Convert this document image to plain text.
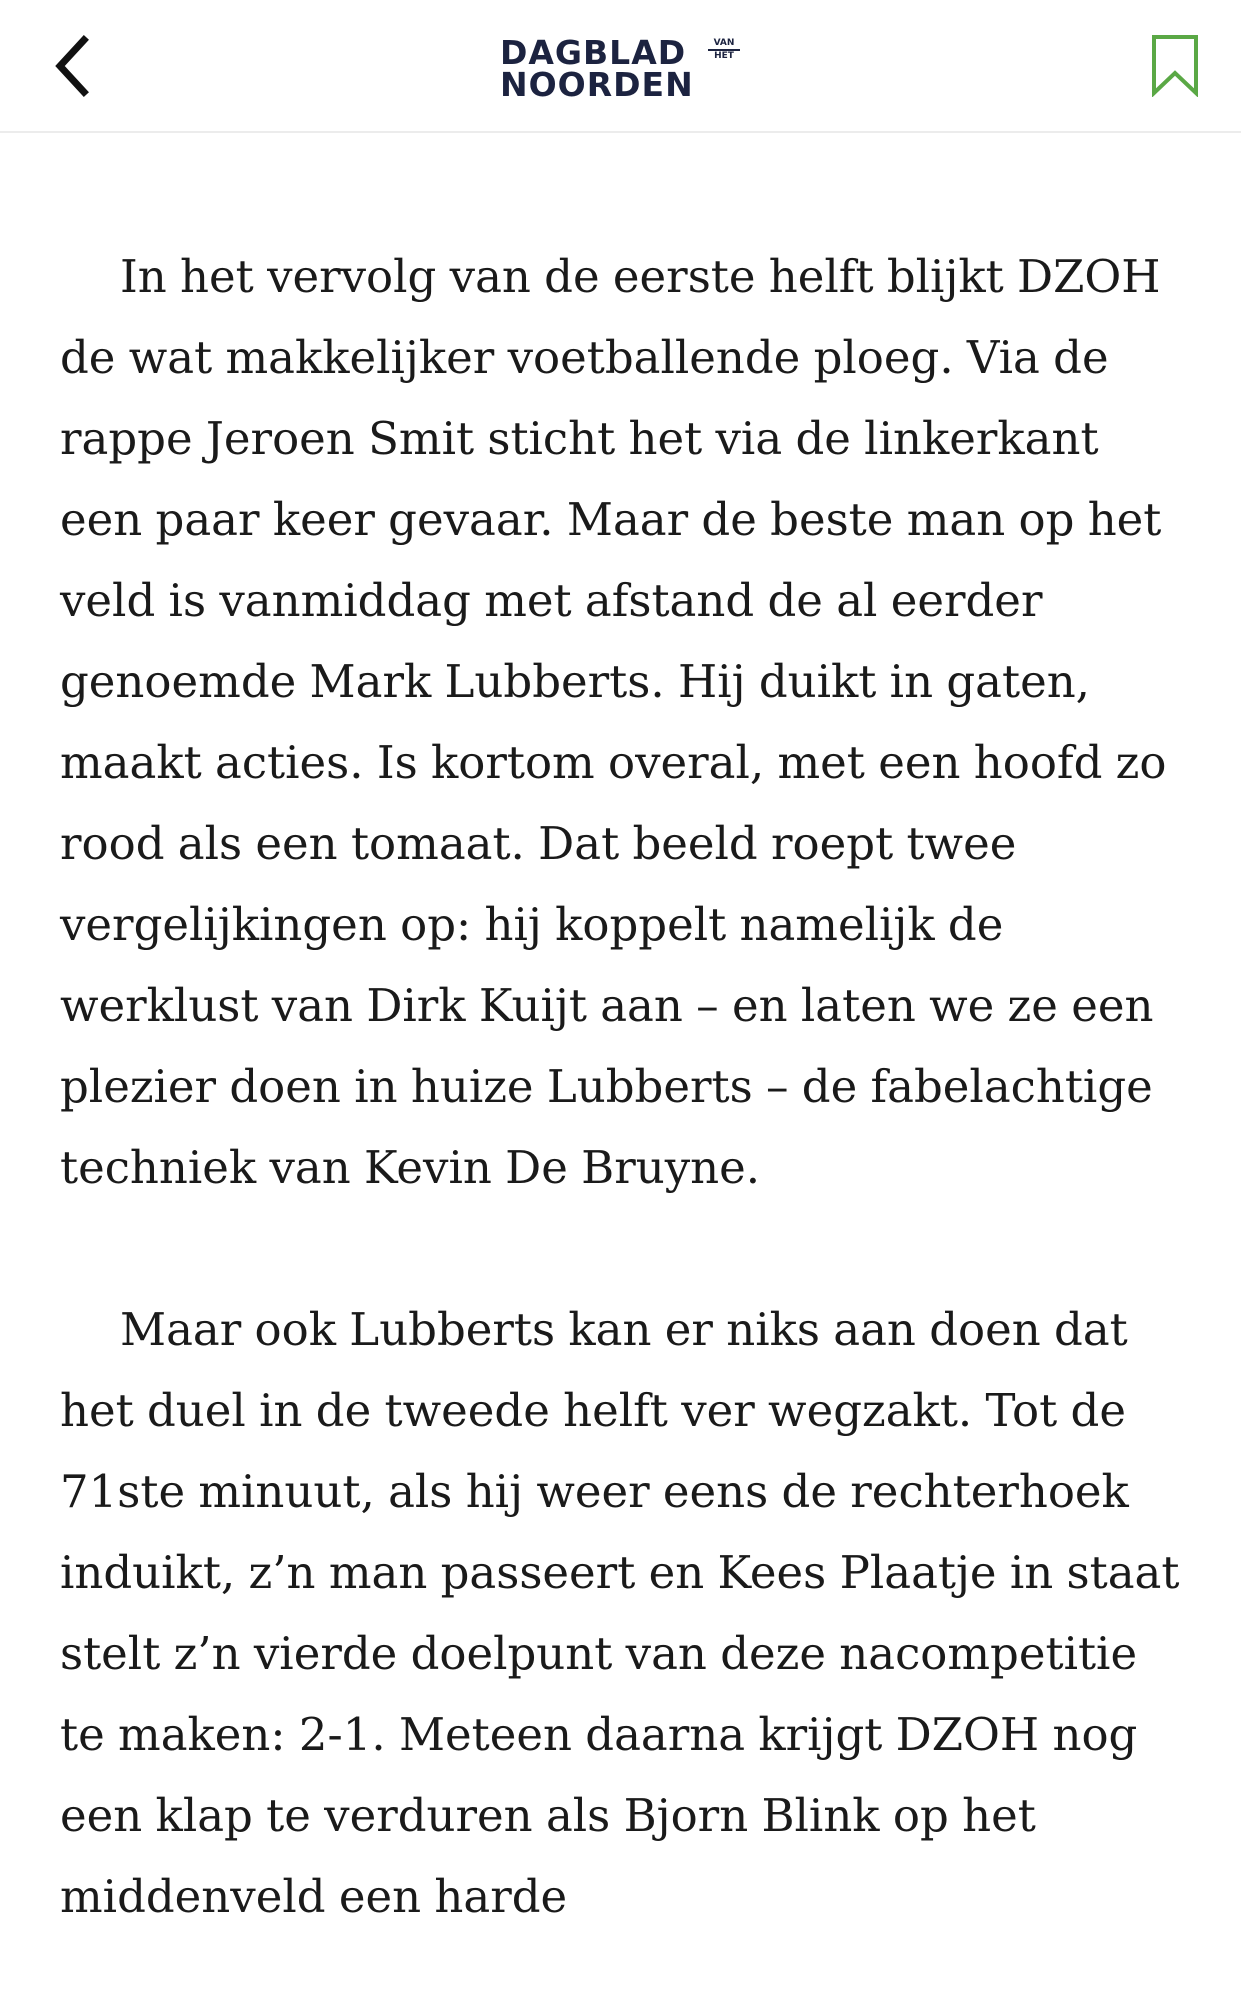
DAGBLAD	VAN
HET
NOORDEN

In het vervolg van de eerste helft blijkt DZOH de wat makkelijker voetballende ploeg. Via de rappe Jeroen Smit sticht het via de linkerkant een paar keer gevaar. Maar de beste man op het veld is vanmiddag met afstand de al eerder genoemde Mark Lubberts. Hij duikt in gaten, maakt acties. Is kortom overal, met een hoofd zo rood als een tomaat. Dat beeld roept twee vergelijkingen op: hij koppelt namelijk de werklust van Dirk Kuijt aan – en laten we ze een plezier doen in huize Lubberts – de fabelachtige techniek van Kevin De Bruyne.

Maar ook Lubberts kan er niks aan doen dat het duel in de tweede helft ver wegzakt. Tot de 71ste minuut, als hij weer eens de rechterhoek induikt, z’n man passeert en Kees Plaatje in staat stelt z’n vierde doelpunt van deze nacompetitie te maken: 2-1. Meteen daarna krijgt DZOH nog een klap te verduren als Bjorn Blink op het middenveld een harde
